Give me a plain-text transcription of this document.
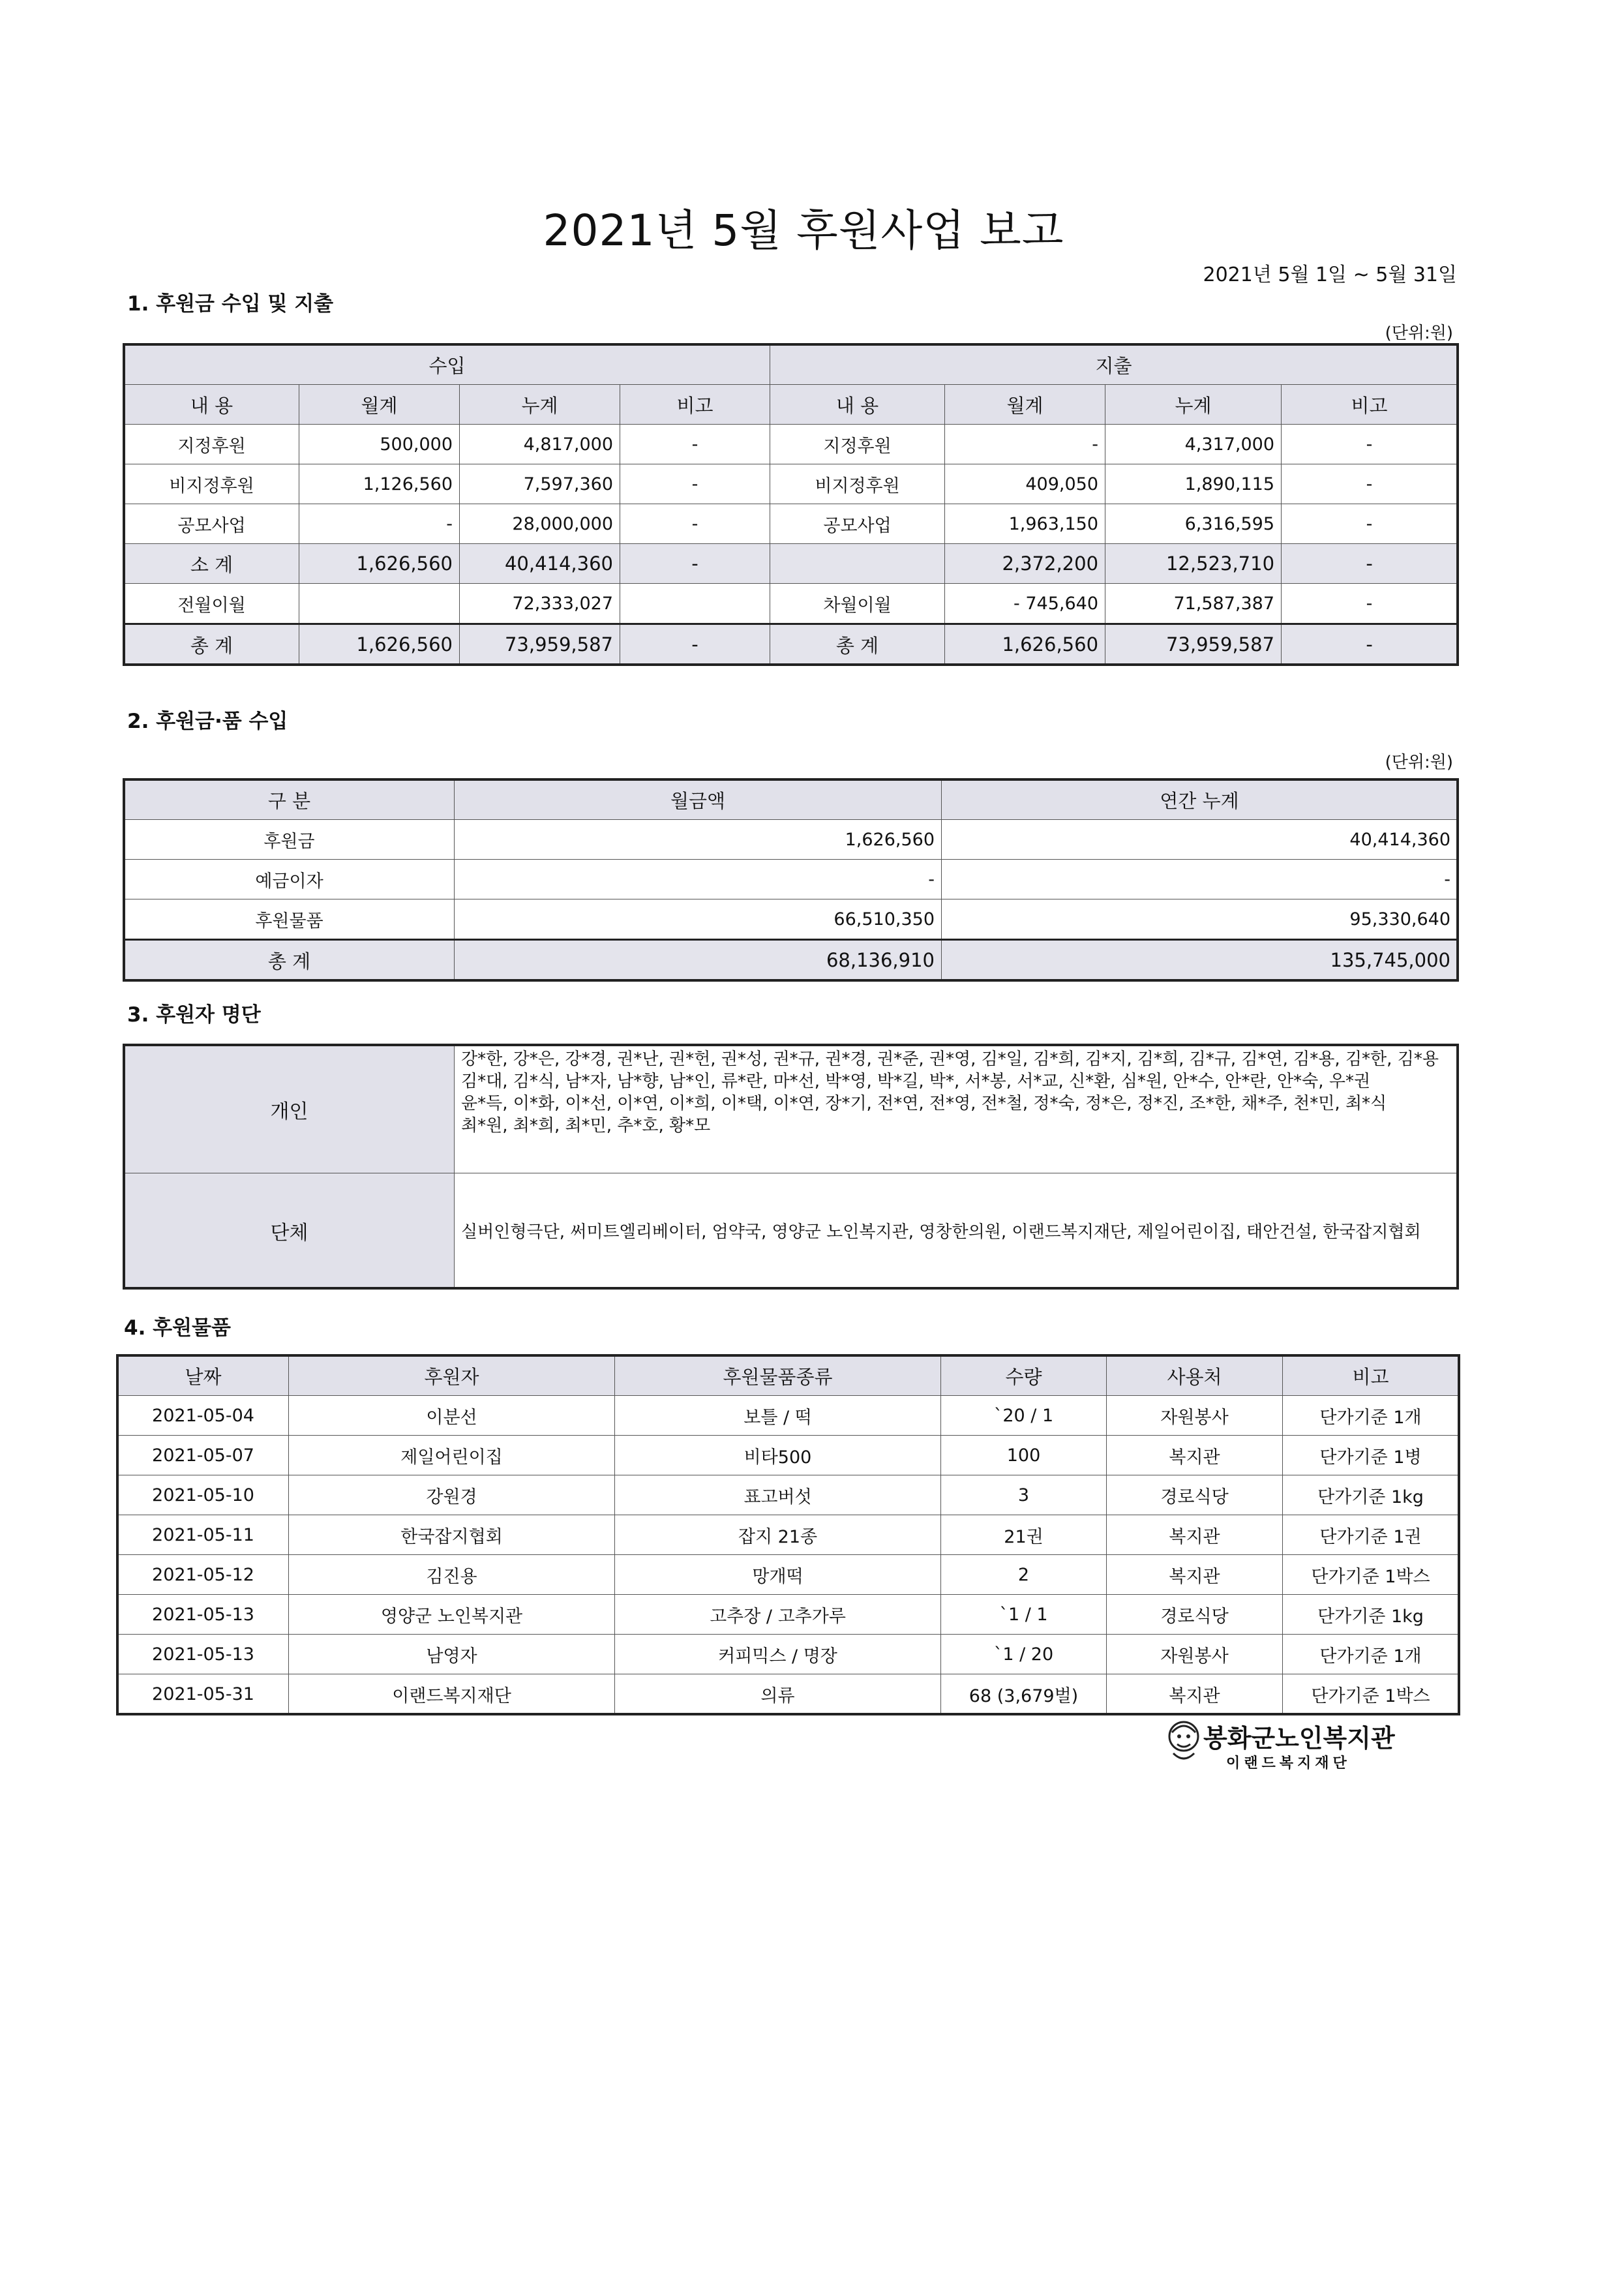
2021년 5월 후원사업 보고
2021년 5월 1일 ~ 5월 31일
1. 후원금 수입 및 지출
(단위:원)
수입				지출			
내 용	월계	누계	비고	내 용	월계	누계	비고
지정후원	500,000	4,817,000	-	지정후원	-	4,317,000	-
비지정후원	1,126,560	7,597,360	-	비지정후원	409,050	1,890,115	-
공모사업	-	28,000,000	-	공모사업	1,963,150	6,316,595	-
소 계	1,626,560	40,414,360	-		2,372,200	12,523,710	-
전월이월		72,333,027		차월이월	- 745,640	71,587,387	-
총 계	1,626,560	73,959,587	-	총 계	1,626,560	73,959,587	-
2. 후원금·품 수입
(단위:원)
구 분	월금액	연간 누계
후원금	1,626,560	40,414,360
예금이자	-	-
후원물품	66,510,350	95,330,640
총 계	68,136,910	135,745,000
3. 후원자 명단
개인	강*한, 강*은, 강*경, 권*난, 권*헌, 권*성, 권*규, 권*경, 권*준, 권*영, 김*일, 김*희, 김*지, 김*희, 김*규, 김*연, 김*용, 김*한, 김*용
김*대, 김*식, 남*자, 남*향, 남*인, 류*란, 마*선, 박*영, 박*길, 박*, 서*봉, 서*교, 신*환, 심*원, 안*수, 안*란, 안*숙, 우*권
윤*득, 이*화, 이*선, 이*연, 이*희, 이*택, 이*연, 장*기, 전*연, 전*영, 전*철, 정*숙, 정*은, 정*진, 조*한, 채*주, 천*민, 최*식
최*원, 최*희, 최*민, 추*호, 황*모

단체	실버인형극단, 써미트엘리베이터, 엄약국, 영양군 노인복지관, 영창한의원, 이랜드복지재단, 제일어린이집, 태안건설, 한국잡지협회
4. 후원물품
날짜	후원자	후원물품종류	수량	사용처	비고
2021-05-04	이분선	보틀 / 떡	`20 / 1	자원봉사	단가기준 1개
2021-05-07	제일어린이집	비타500	100	복지관	단가기준 1병
2021-05-10	강원경	표고버섯	3	경로식당	단가기준 1kg
2021-05-11	한국잡지협회	잡지 21종	21권	복지관	단가기준 1권
2021-05-12	김진용	망개떡	2	복지관	단가기준 1박스
2021-05-13	영양군 노인복지관	고추장 / 고추가루	`1 / 1	경로식당	단가기준 1kg
2021-05-13	남영자	커피믹스 / 명장	`1 / 20	자원봉사	단가기준 1개
2021-05-31	이랜드복지재단	의류	68 (3,679벌)	복지관	단가기준 1박스
봉화군노인복지관
이랜드복지재단
